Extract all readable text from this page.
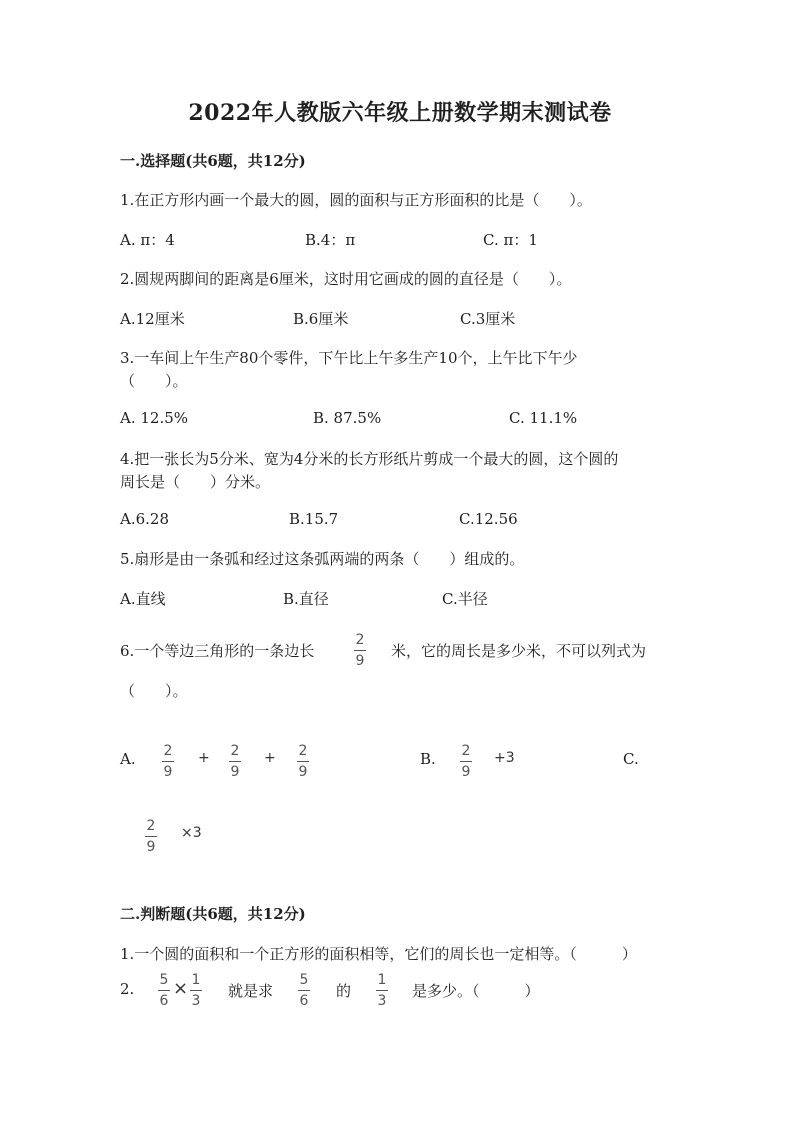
2022年人教版六年级上册数学期末测试卷
一.选择题(共6题，共12分)
1.在正方形内画一个最大的圆，圆的面积与正方形面积的比是（　　）。
A. π：4	B.4：π	C. π：1
2.圆规两脚间的距离是6厘米，这时用它画成的圆的直径是（　　）。
A.12厘米	B.6厘米	C.3厘米
3.一车间上午生产80个零件，下午比上午多生产10个，上午比下午少
（　　）。
A. 12.5%	B. 87.5%	C. 11.1%
4.把一张长为5分米、宽为4分米的长方形纸片剪成一个最大的圆，这个圆的
周长是（　　）分米。
A.6.28	B.15.7	C.12.56
5.扇形是由一条弧和经过这条弧两端的两条（　　）组成的。
A.直线	B.直径	C.半径
6.一个等边三角形的一条边长
2
9
米，它的周长是多少米，不可以列式为
（　　）。
A. 2
9
+ 2
9
+ 2
9
B. 2
9
+3	C.
2
9
×3
二.判断题(共6题，共12分)
1.一个圆的面积和一个正方形的面积相等，它们的周长也一定相等。（　　　）
2. 5
6
× 1
3
就是求
5
6
的
1
3
是多少。（　　　）
